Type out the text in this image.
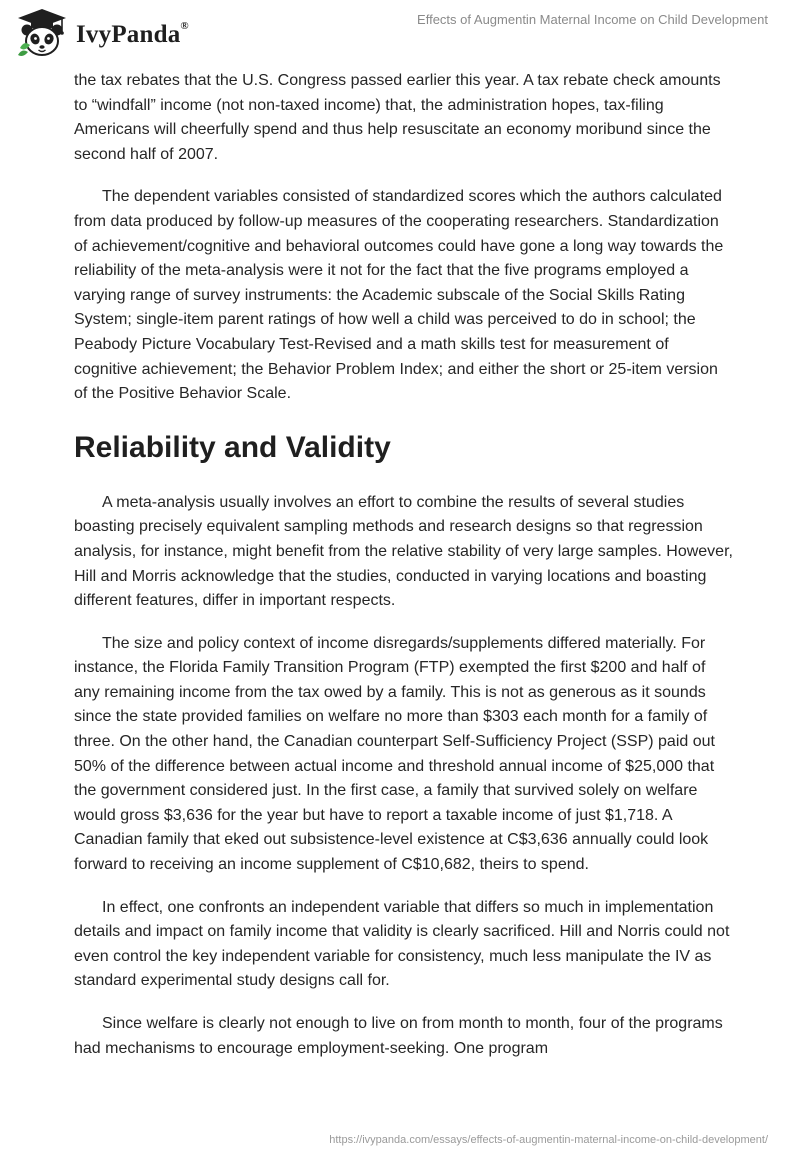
IvyPanda®	Effects of Augmentin Maternal Income on Child Development

the tax rebates that the U.S. Congress passed earlier this year. A tax rebate check amounts to “windfall” income (not non-taxed income) that, the administration hopes, tax-filing Americans will cheerfully spend and thus help resuscitate an economy moribund since the second half of 2007.

The dependent variables consisted of standardized scores which the authors calculated from data produced by follow-up measures of the cooperating researchers. Standardization of achievement/cognitive and behavioral outcomes could have gone a long way towards the reliability of the meta-analysis were it not for the fact that the five programs employed a varying range of survey instruments: the Academic subscale of the Social Skills Rating System; single-item parent ratings of how well a child was perceived to do in school; the Peabody Picture Vocabulary Test-Revised and a math skills test for measurement of cognitive achievement; the Behavior Problem Index; and either the short or 25-item version of the Positive Behavior Scale.

Reliability and Validity

A meta-analysis usually involves an effort to combine the results of several studies boasting precisely equivalent sampling methods and research designs so that regression analysis, for instance, might benefit from the relative stability of very large samples. However, Hill and Morris acknowledge that the studies, conducted in varying locations and boasting different features, differ in important respects.

The size and policy context of income disregards/supplements differed materially. For instance, the Florida Family Transition Program (FTP) exempted the first $200 and half of any remaining income from the tax owed by a family. This is not as generous as it sounds since the state provided families on welfare no more than $303 each month for a family of three. On the other hand, the Canadian counterpart Self-Sufficiency Project (SSP) paid out 50% of the difference between actual income and threshold annual income of $25,000 that the government considered just. In the first case, a family that survived solely on welfare would gross $3,636 for the year but have to report a taxable income of just $1,718. A Canadian family that eked out subsistence-level existence at C$3,636 annually could look forward to receiving an income supplement of C$10,682, theirs to spend.

In effect, one confronts an independent variable that differs so much in implementation details and impact on family income that validity is clearly sacrificed. Hill and Norris could not even control the key independent variable for consistency, much less manipulate the IV as standard experimental study designs call for.

Since welfare is clearly not enough to live on from month to month, four of the programs had mechanisms to encourage employment-seeking. One program

https://ivypanda.com/essays/effects-of-augmentin-maternal-income-on-child-development/
